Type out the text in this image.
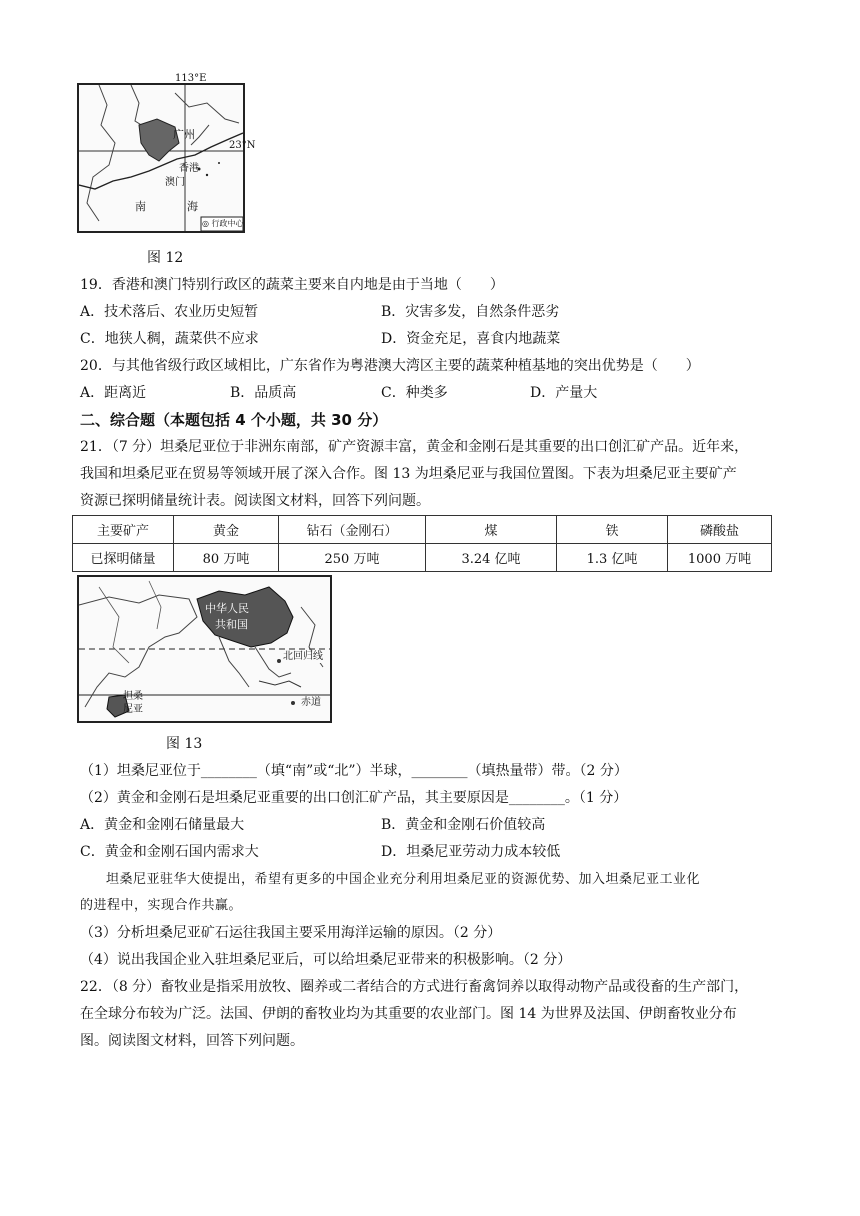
113°E
23°N
广州
香港
澳门
南	海
◎ 行政中心
图 12
19．香港和澳门特别行政区的蔬菜主要来自内地是由于当地（　　）
A．技术落后、农业历史短暂	B．灾害多发，自然条件恶劣
C．地狭人稠，蔬菜供不应求	D．资金充足，喜食内地蔬菜
20．与其他省级行政区域相比，广东省作为粤港澳大湾区主要的蔬菜种植基地的突出优势是（　　）
A．距离近	B．品质高	C．种类多	D．产量大
二、综合题（本题包括 4 个小题，共 30 分）
21．（7 分）坦桑尼亚位于非洲东南部，矿产资源丰富，黄金和金刚石是其重要的出口创汇矿产品。近年来，
我国和坦桑尼亚在贸易等领域开展了深入合作。图 13 为坦桑尼亚与我国位置图。下表为坦桑尼亚主要矿产
资源已探明储量统计表。阅读图文材料，回答下列问题。
主要矿产	黄金	钻石（金刚石）	煤	铁	磷酸盐
已探明储量	80 万吨	250 万吨	3.24 亿吨	1.3 亿吨	1000 万吨
中华人民
共和国
北回归线
赤道
坦桑
尼亚
图 13
（1）坦桑尼亚位于________（填“南”或“北”）半球，________（填热量带）带。（2 分）
（2）黄金和金刚石是坦桑尼亚重要的出口创汇矿产品，其主要原因是________。（1 分）
A．黄金和金刚石储量最大	B．黄金和金刚石价值较高
C．黄金和金刚石国内需求大	D．坦桑尼亚劳动力成本较低
坦桑尼亚驻华大使提出，希望有更多的中国企业充分利用坦桑尼亚的资源优势、加入坦桑尼亚工业化
的进程中，实现合作共赢。
（3）分析坦桑尼亚矿石运往我国主要采用海洋运输的原因。（2 分）
（4）说出我国企业入驻坦桑尼亚后，可以给坦桑尼亚带来的积极影响。（2 分）
22．（8 分）畜牧业是指采用放牧、圈养或二者结合的方式进行畜禽饲养以取得动物产品或役畜的生产部门，
在全球分布较为广泛。法国、伊朗的畜牧业均为其重要的农业部门。图 14 为世界及法国、伊朗畜牧业分布
图。阅读图文材料，回答下列问题。
